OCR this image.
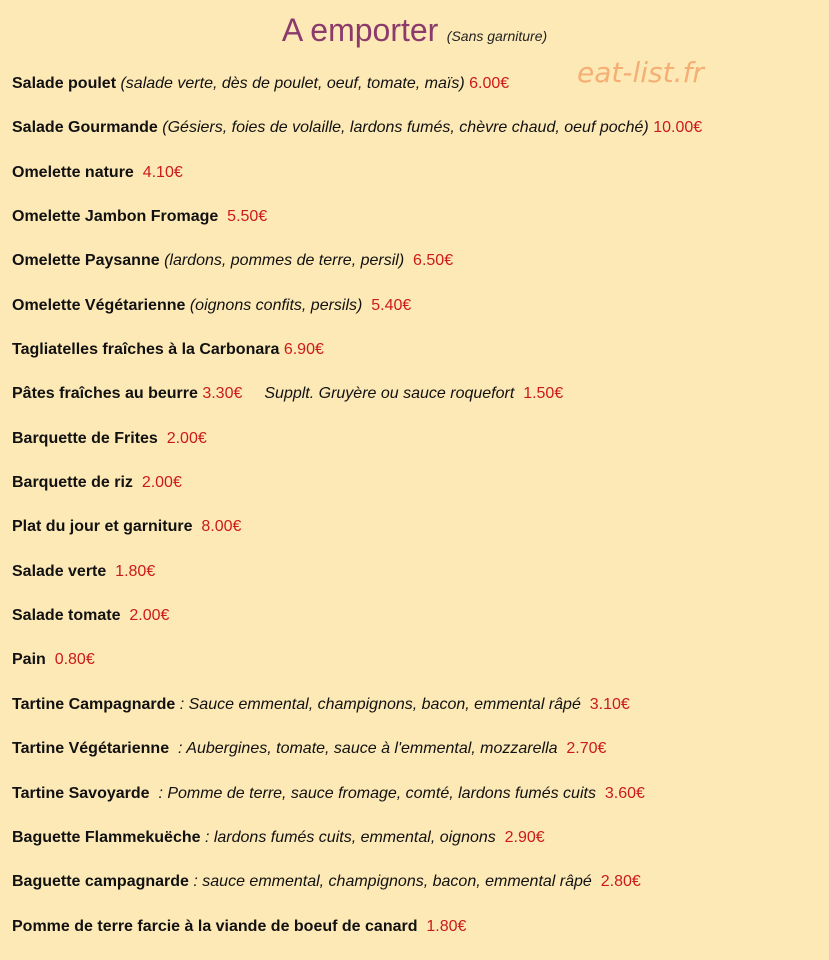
A emporter (Sans garniture)
eat-list.fr
Salade poulet (salade verte, dès de poulet, oeuf, tomate, maïs) 6.00€
Salade Gourmande (Gésiers, foies de volaille, lardons fumés, chèvre chaud, oeuf poché) 10.00€
Omelette nature 4.10€
Omelette Jambon Fromage 5.50€
Omelette Paysanne (lardons, pommes de terre, persil)  6.50€
Omelette Végétarienne (oignons confits, persils)  5.40€
Tagliatelles fraîches à la Carbonara 6.90€
Pâtes fraîches au beurre 3.30€ Supplt. Gruyère ou sauce roquefort  1.50€
Barquette de Frites 2.00€
Barquette de riz 2.00€
Plat du jour et garniture 8.00€
Salade verte 1.80€
Salade tomate 2.00€
Pain 0.80€
Tartine Campagnarde : Sauce emmental, champignons, bacon, emmental râpé  3.10€
Tartine Végétarienne  : Aubergines, tomate, sauce à l'emmental, mozzarella  2.70€
Tartine Savoyarde  : Pomme de terre, sauce fromage, comté, lardons fumés cuits  3.60€
Baguette Flammekuëche : lardons fumés cuits, emmental, oignons  2.90€
Baguette campagnarde : sauce emmental, champignons, bacon, emmental râpé  2.80€
Pomme de terre farcie à la viande de boeuf de canard 1.80€
